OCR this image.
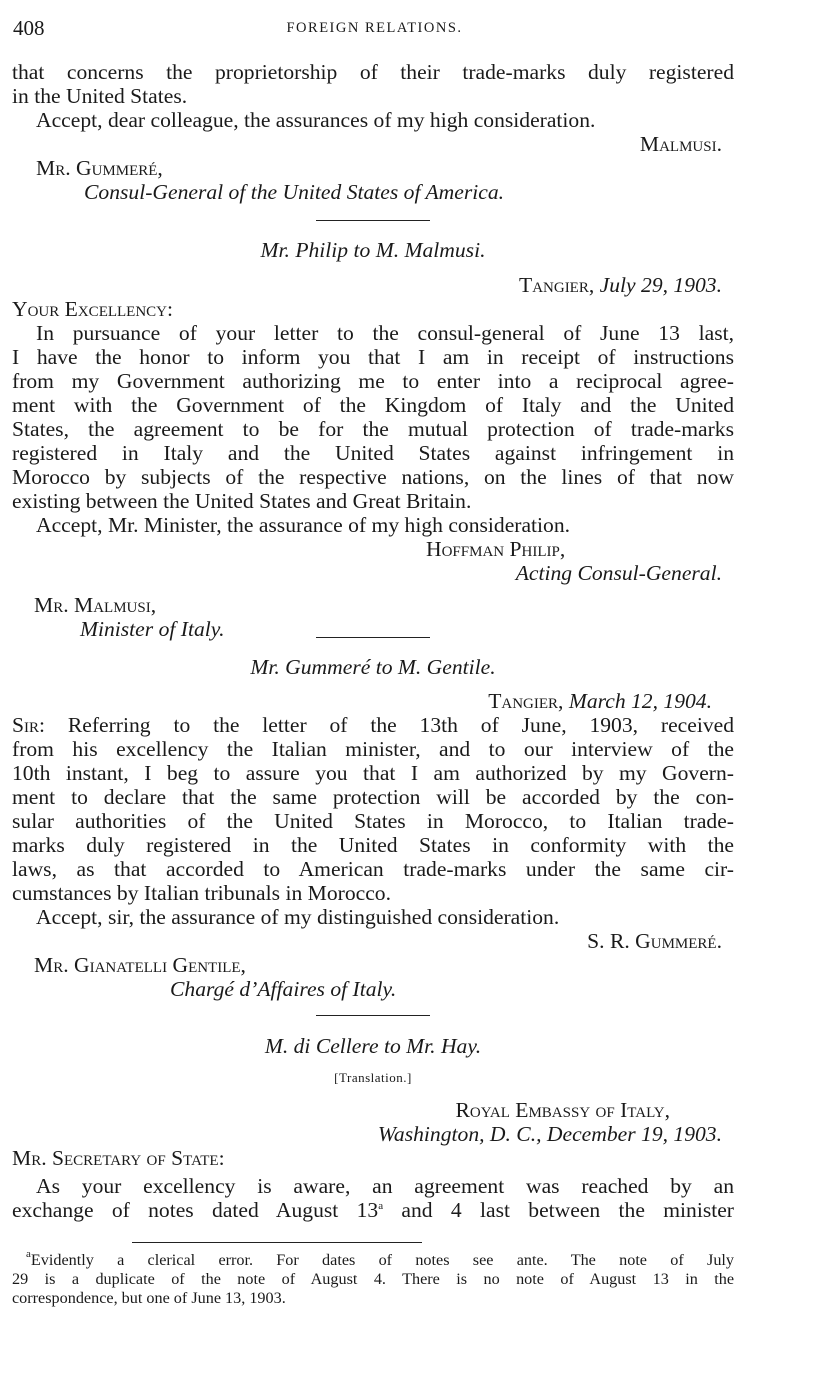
408	FOREIGN RELATIONS.

that concerns the proprietorship of their trade-marks duly registered

in the United States.

Accept, dear colleague, the assurances of my high consideration.

Malmusi.

Mr. Gummeré,

Consul-General of the United States of America.

Mr. Philip to M. Malmusi.

Tangier, July 29, 1903.

Your Excellency:

In pursuance of your letter to the consul-general of June 13 last,

I have the honor to inform you that I am in receipt of instructions

from my Government authorizing me to enter into a reciprocal agree-

ment with the Government of the Kingdom of Italy and the United

States, the agreement to be for the mutual protection of trade-marks

registered in Italy and the United States against infringement in

Morocco by subjects of the respective nations, on the lines of that now

existing between the United States and Great Britain.

Accept, Mr. Minister, the assurance of my high consideration.

Hoffman Philip,

Acting Consul-General.

Mr. Malmusi,

Minister of Italy.

Mr. Gummeré to M. Gentile.

Tangier, March 12, 1904.

Sir: Referring to the letter of the 13th of June, 1903, received

from his excellency the Italian minister, and to our interview of the

10th instant, I beg to assure you that I am authorized by my Govern-

ment to declare that the same protection will be accorded by the con-

sular authorities of the United States in Morocco, to Italian trade-

marks duly registered in the United States in conformity with the

laws, as that accorded to American trade-marks under the same cir-

cumstances by Italian tribunals in Morocco.

Accept, sir, the assurance of my distinguished consideration.

S. R. Gummeré.

Mr. Gianatelli Gentile,

Chargé d’Affaires of Italy.

M. di Cellere to Mr. Hay.

[Translation.]

Royal Embassy of Italy,

Washington, D. C., December 19, 1903.

Mr. Secretary of State:

As your excellency is aware, an agreement was reached by an

exchange of notes dated August 13$^a$ and 4 last between the minister

$^a$Evidently a clerical error. For dates of notes see ante. The note of July

29 is a duplicate of the note of August 4. There is no note of August 13 in the

correspondence, but one of June 13, 1903.
